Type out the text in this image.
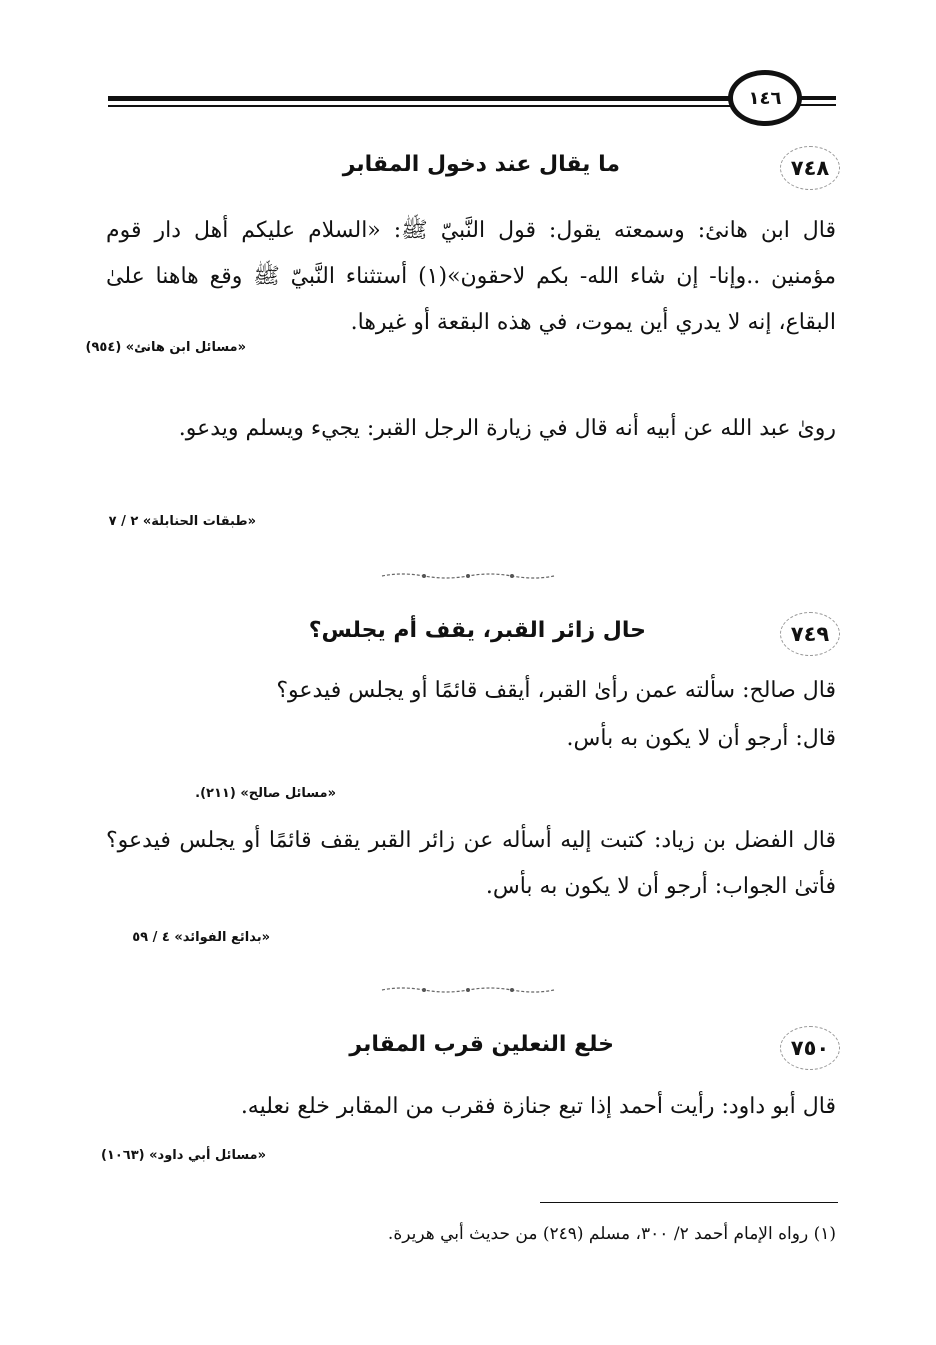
١٤٦
٧٤٨
ما يقال عند دخول المقابر
قال ابن هانئ: وسمعته يقول: قول النَّبيّ ﷺ: «السلام عليكم أهل دار قوم مؤمنين ..وإنا- إن شاء الله- بكم لاحقون»(١) أستثناء النَّبيّ ﷺ وقع هاهنا علىٰ البقاع، إنه لا يدري أين يموت، في هذه البقعة أو غيرها.
«مسائل ابن هانئ» (٩٥٤)
روىٰ عبد الله عن أبيه أنه قال في زيارة الرجل القبر: يجيء ويسلم ويدعو.
«طبقات الحنابلة» ٢ / ٧
٧٤٩
حال زائر القبر، يقف أم يجلس؟
قال صالح: سألته عمن رأىٰ القبر، أيقف قائمًا أو يجلس فيدعو؟
قال: أرجو أن لا يكون به بأس.
«مسائل صالح» (٢١١).
قال الفضل بن زياد: كتبت إليه أسأله عن زائر القبر يقف قائمًا أو يجلس فيدعو؟ فأتىٰ الجواب: أرجو أن لا يكون به بأس.
«بدائع الفوائد» ٤ / ٥٩
٧٥٠
خلع النعلين قرب المقابر
قال أبو داود: رأيت أحمد إذا تبع جنازة فقرب من المقابر خلع نعليه.
«مسائل أبي داود» (١٠٦٣)
(١) رواه الإمام أحمد ٢/ ٣٠٠، مسلم (٢٤٩) من حديث أبي هريرة.
